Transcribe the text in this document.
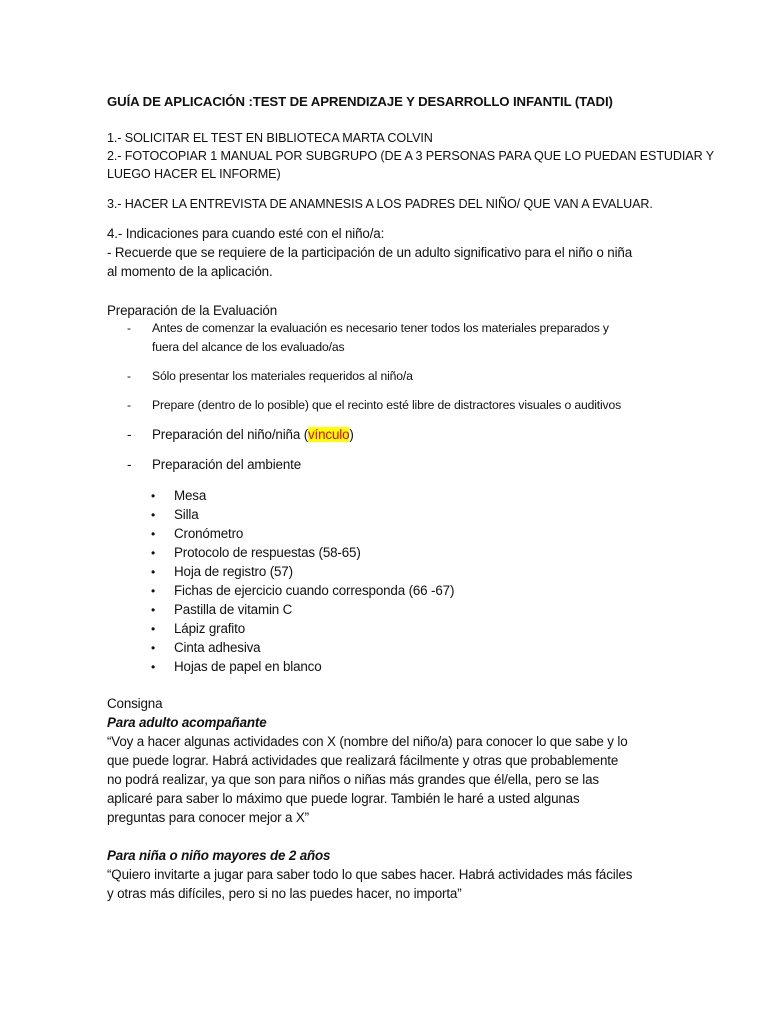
GUÍA DE APLICACIÓN :TEST DE APRENDIZAJE Y DESARROLLO INFANTIL (TADI)
1.- SOLICITAR EL TEST EN BIBLIOTECA MARTA COLVIN
2.- FOTOCOPIAR 1 MANUAL POR SUBGRUPO (DE A 3 PERSONAS PARA QUE LO PUEDAN ESTUDIAR Y
LUEGO HACER EL INFORME)
3.- HACER LA ENTREVISTA DE ANAMNESIS A LOS PADRES DEL NIÑO/ QUE VAN A EVALUAR.
4.- Indicaciones para cuando esté con el niño/a:
- Recuerde que se requiere de la participación de un adulto significativo para el niño o niña
al momento de la aplicación.
Preparación de la Evaluación
- Antes de comenzar la evaluación es necesario tener todos los materiales preparados y
fuera del alcance de los evaluado/as
- Sólo presentar los materiales requeridos al niño/a
- Prepare (dentro de lo posible) que el recinto esté libre de distractores visuales o auditivos
- Preparación del niño/niña (vínculo)
- Preparación del ambiente
• Mesa
• Silla
• Cronómetro
• Protocolo de respuestas (58-65)
• Hoja de registro (57)
• Fichas de ejercicio cuando corresponda (66 -67)
• Pastilla de vitamin C
• Lápiz grafito
• Cinta adhesiva
• Hojas de papel en blanco
Consigna
Para adulto acompañante
“Voy a hacer algunas actividades con X (nombre del niño/a) para conocer lo que sabe y lo
que puede lograr. Habrá actividades que realizará fácilmente y otras que probablemente
no podrá realizar, ya que son para niños o niñas más grandes que él/ella, pero se las
aplicaré para saber lo máximo que puede lograr. También le haré a usted algunas
preguntas para conocer mejor a X”
Para niña o niño mayores de 2 años
“Quiero invitarte a jugar para saber todo lo que sabes hacer. Habrá actividades más fáciles
y otras más difíciles, pero si no las puedes hacer, no importa”
